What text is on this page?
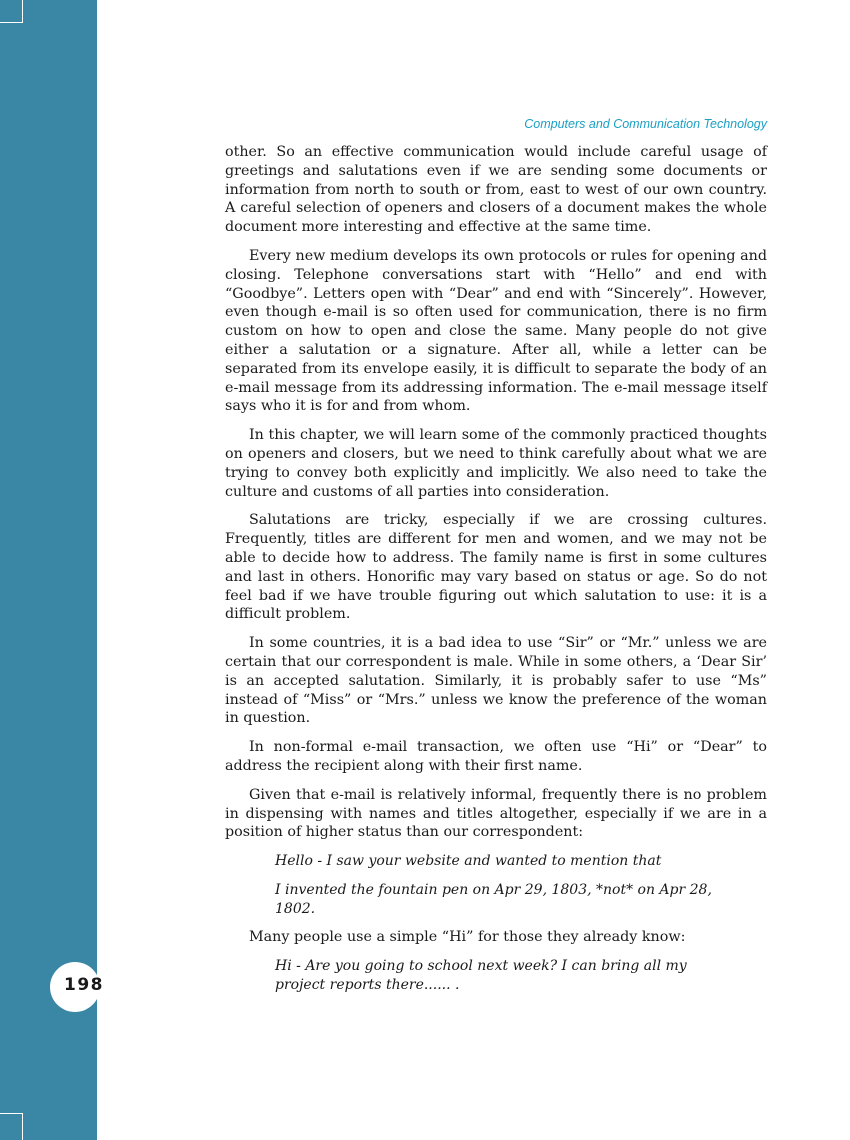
198
Computers and Communication Technology

other. So an effective communication would include careful usage of greetings and salutations even if we are sending some documents or information from north to south or from, east to west of our own country. A careful selection of openers and closers of a document makes the whole document more interesting and effective at the same time.

Every new medium develops its own protocols or rules for opening and closing. Telephone conversations start with “Hello” and end with “Goodbye”. Letters open with “Dear” and end with “Sincerely”. However, even though e-mail is so often used for communication, there is no firm custom on how to open and close the same. Many people do not give either a salutation or a signature. After all, while a letter can be separated from its envelope easily, it is difficult to separate the body of an e-mail message from its addressing information. The e-mail message itself says who it is for and from whom.

In this chapter, we will learn some of the commonly practiced thoughts on openers and closers, but we need to think carefully about what we are trying to convey both explicitly and implicitly. We also need to take the culture and customs of all parties into consideration.

Salutations are tricky, especially if we are crossing cultures. Frequently, titles are different for men and women, and we may not be able to decide how to address. The family name is first in some cultures and last in others. Honorific may vary based on status or age. So do not feel bad if we have trouble figuring out which salutation to use: it is a difficult problem.

In some countries, it is a bad idea to use “Sir” or “Mr.” unless we are certain that our correspondent is male. While in some others, a ‘Dear Sir’ is an accepted salutation. Similarly, it is probably safer to use “Ms” instead of “Miss” or “Mrs.” unless we know the preference of the woman in question.

In non-formal e-mail transaction, we often use “Hi” or “Dear” to address the recipient along with their first name.

Given that e-mail is relatively informal, frequently there is no problem in dispensing with names and titles altogether, especially if we are in a position of higher status than our correspondent:

Hello - I saw your website and wanted to mention that

I invented the fountain pen on Apr 29, 1803, *not* on Apr 28, 1802.

Many people use a simple “Hi” for those they already know:

Hi - Are you going to school next week? I can bring all my project reports there...... .
